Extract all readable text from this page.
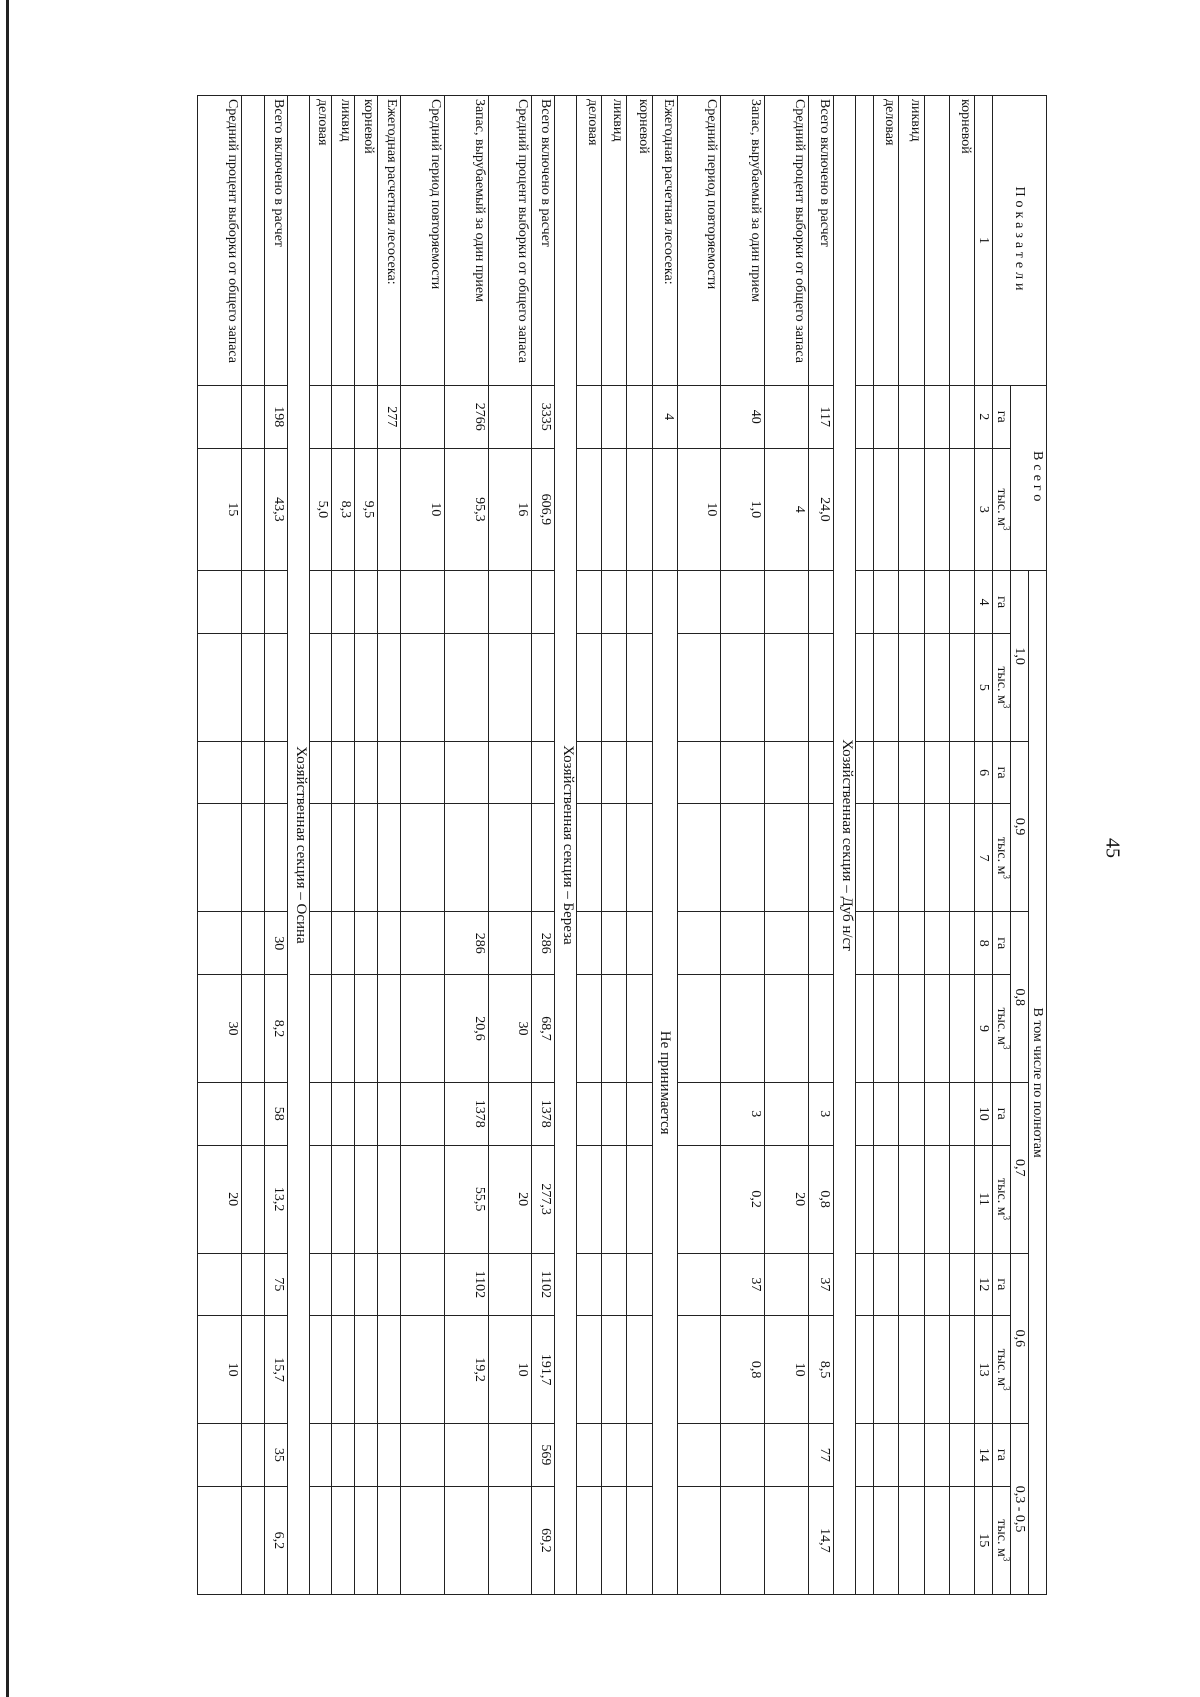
Показатели	Всего		В том числе по полнотам											
			1,0		0,9		0,8		0,7		0,6		0,3 - 0,5	
	га	тыс. $м^3$	га	тыс. $м^3$	га	тыс. $м^3$	га	тыс. $м^3$	га	тыс. $м^3$	га	тыс. $м^3$	га	тыс. $м^3$
1	2	3	4	5	6	7	8	9	10	11	12	13	14	15
корневой														

ликвид														
деловая														

Хозяйственная секция – Дуб н/ст														
Всего включено в расчет	117	24,0							3	0,8	37	8,5	77	14,7
Средний процент выборки от общего запаса		4								20		10		
Запас, вырубаемый за один прием	40	1,0							3	0,2	37	0,8		
Средний период повторяемости		10												
Ежегодная расчетная лесосека:	4		Не принимается											
корневой														
ликвид														
деловая														
Хозяйственная секция – Береза														
Всего включено в расчет	3335	606,9					286	68,7	1378	277,3	1102	191,7	569	69,2
Средний процент выборки от общего запаса		16						30		20		10		
Запас, вырубаемый за один прием	2766	95,3					286	20,6	1378	55,5	1102	19,2		
Средний период повторяемости		10												
Ежегодная расчетная лесосека:	277													
корневой		9,5												
ликвид		8,3												
деловая		5,0												
Хозяйственная секция – Осина														
Всего включено в расчет	198	43,3					30	8,2	58	13,2	75	15,7	35	6,2

Средний процент выборки от общего запаса		15						30		20		10		
45
